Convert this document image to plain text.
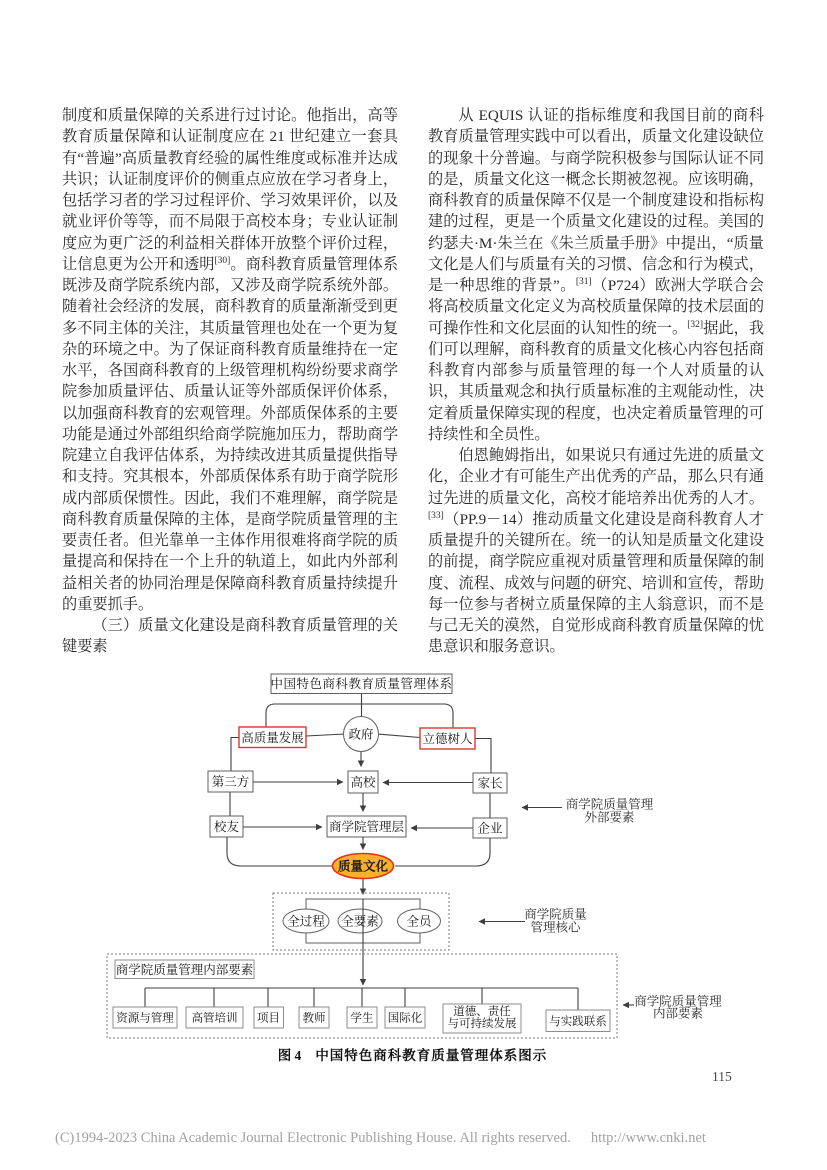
制度和质量保障的关系进行过讨论。他指出，高等教育质量保障和认证制度应在 21 世纪建立一套具有“普遍”高质量教育经验的属性维度或标准并达成共识；认证制度评价的侧重点应放在学习者身上，包括学习者的学习过程评价、学习效果评价，以及就业评价等等，而不局限于高校本身；专业认证制度应为更广泛的利益相关群体开放整个评价过程，让信息更为公开和透明[30]。商科教育质量管理体系既涉及商学院系统内部，又涉及商学院系统外部。随着社会经济的发展，商科教育的质量渐渐受到更多不同主体的关注，其质量管理也处在一个更为复杂的环境之中。为了保证商科教育质量维持在一定水平，各国商科教育的上级管理机构纷纷要求商学院参加质量评估、质量认证等外部质保评价体系，以加强商科教育的宏观管理。外部质保体系的主要功能是通过外部组织给商学院施加压力，帮助商学院建立自我评估体系，为持续改进其质量提供指导和支持。究其根本，外部质保体系有助于商学院形成内部质保惯性。因此，我们不难理解，商学院是商科教育质量保障的主体，是商学院质量管理的主要责任者。但光靠单一主体作用很难将商学院的质量提高和保持在一个上升的轨道上，如此内外部利益相关者的协同治理是保障商科教育质量持续提升的重要抓手。

（三）质量文化建设是商科教育质量管理的关键要素

从 EQUIS 认证的指标维度和我国目前的商科教育质量管理实践中可以看出，质量文化建设缺位的现象十分普遍。与商学院积极参与国际认证不同的是，质量文化这一概念长期被忽视。应该明确，商科教育的质量保障不仅是一个制度建设和指标构建的过程，更是一个质量文化建设的过程。美国的约瑟夫·M·朱兰在《朱兰质量手册》中提出，“质量文化是人们与质量有关的习惯、信念和行为模式，是一种思维的背景”。[31]（P724）欧洲大学联合会将高校质量文化定义为高校质量保障的技术层面的可操作性和文化层面的认知性的统一。[32]据此，我们可以理解，商科教育的质量文化核心内容包括商科教育内部参与质量管理的每一个人对质量的认识，其质量观念和执行质量标准的主观能动性，决定着质量保障实现的程度，也决定着质量管理的可持续性和全员性。

伯恩鲍姆指出，如果说只有通过先进的质量文化，企业才有可能生产出优秀的产品，那么只有通过先进的质量文化，高校才能培养出优秀的人才。[33]（PP.9－14）推动质量文化建设是商科教育人才质量提升的关键所在。统一的认知是质量文化建设的前提，商学院应重视对质量管理和质量保障的制度、流程、成效与问题的研究、培训和宣传，帮助每一位参与者树立质量保障的主人翁意识，而不是与己无关的漠然，自觉形成商科教育质量保障的忧患意识和服务意识。

中国特色商科教育质量管理体系
政府
高质量发展	立德树人
第三方	高校	家长
校友	商学院管理层	企业
质量文化
全过程 全要素 全员
商学院质量管理内部要素
资源与管理 高管培训 项目 教师 学生 国际化
道德、责任
与可持续发展	与实践联系
商学院质量管理
外部要素
商学院质量
管理核心
商学院质量管理
内部要素
图 4 中国特色商科教育质量管理体系图示
115
(C)1994-2023 China Academic Journal Electronic Publishing House. All rights reserved. http://www.cnki.net
